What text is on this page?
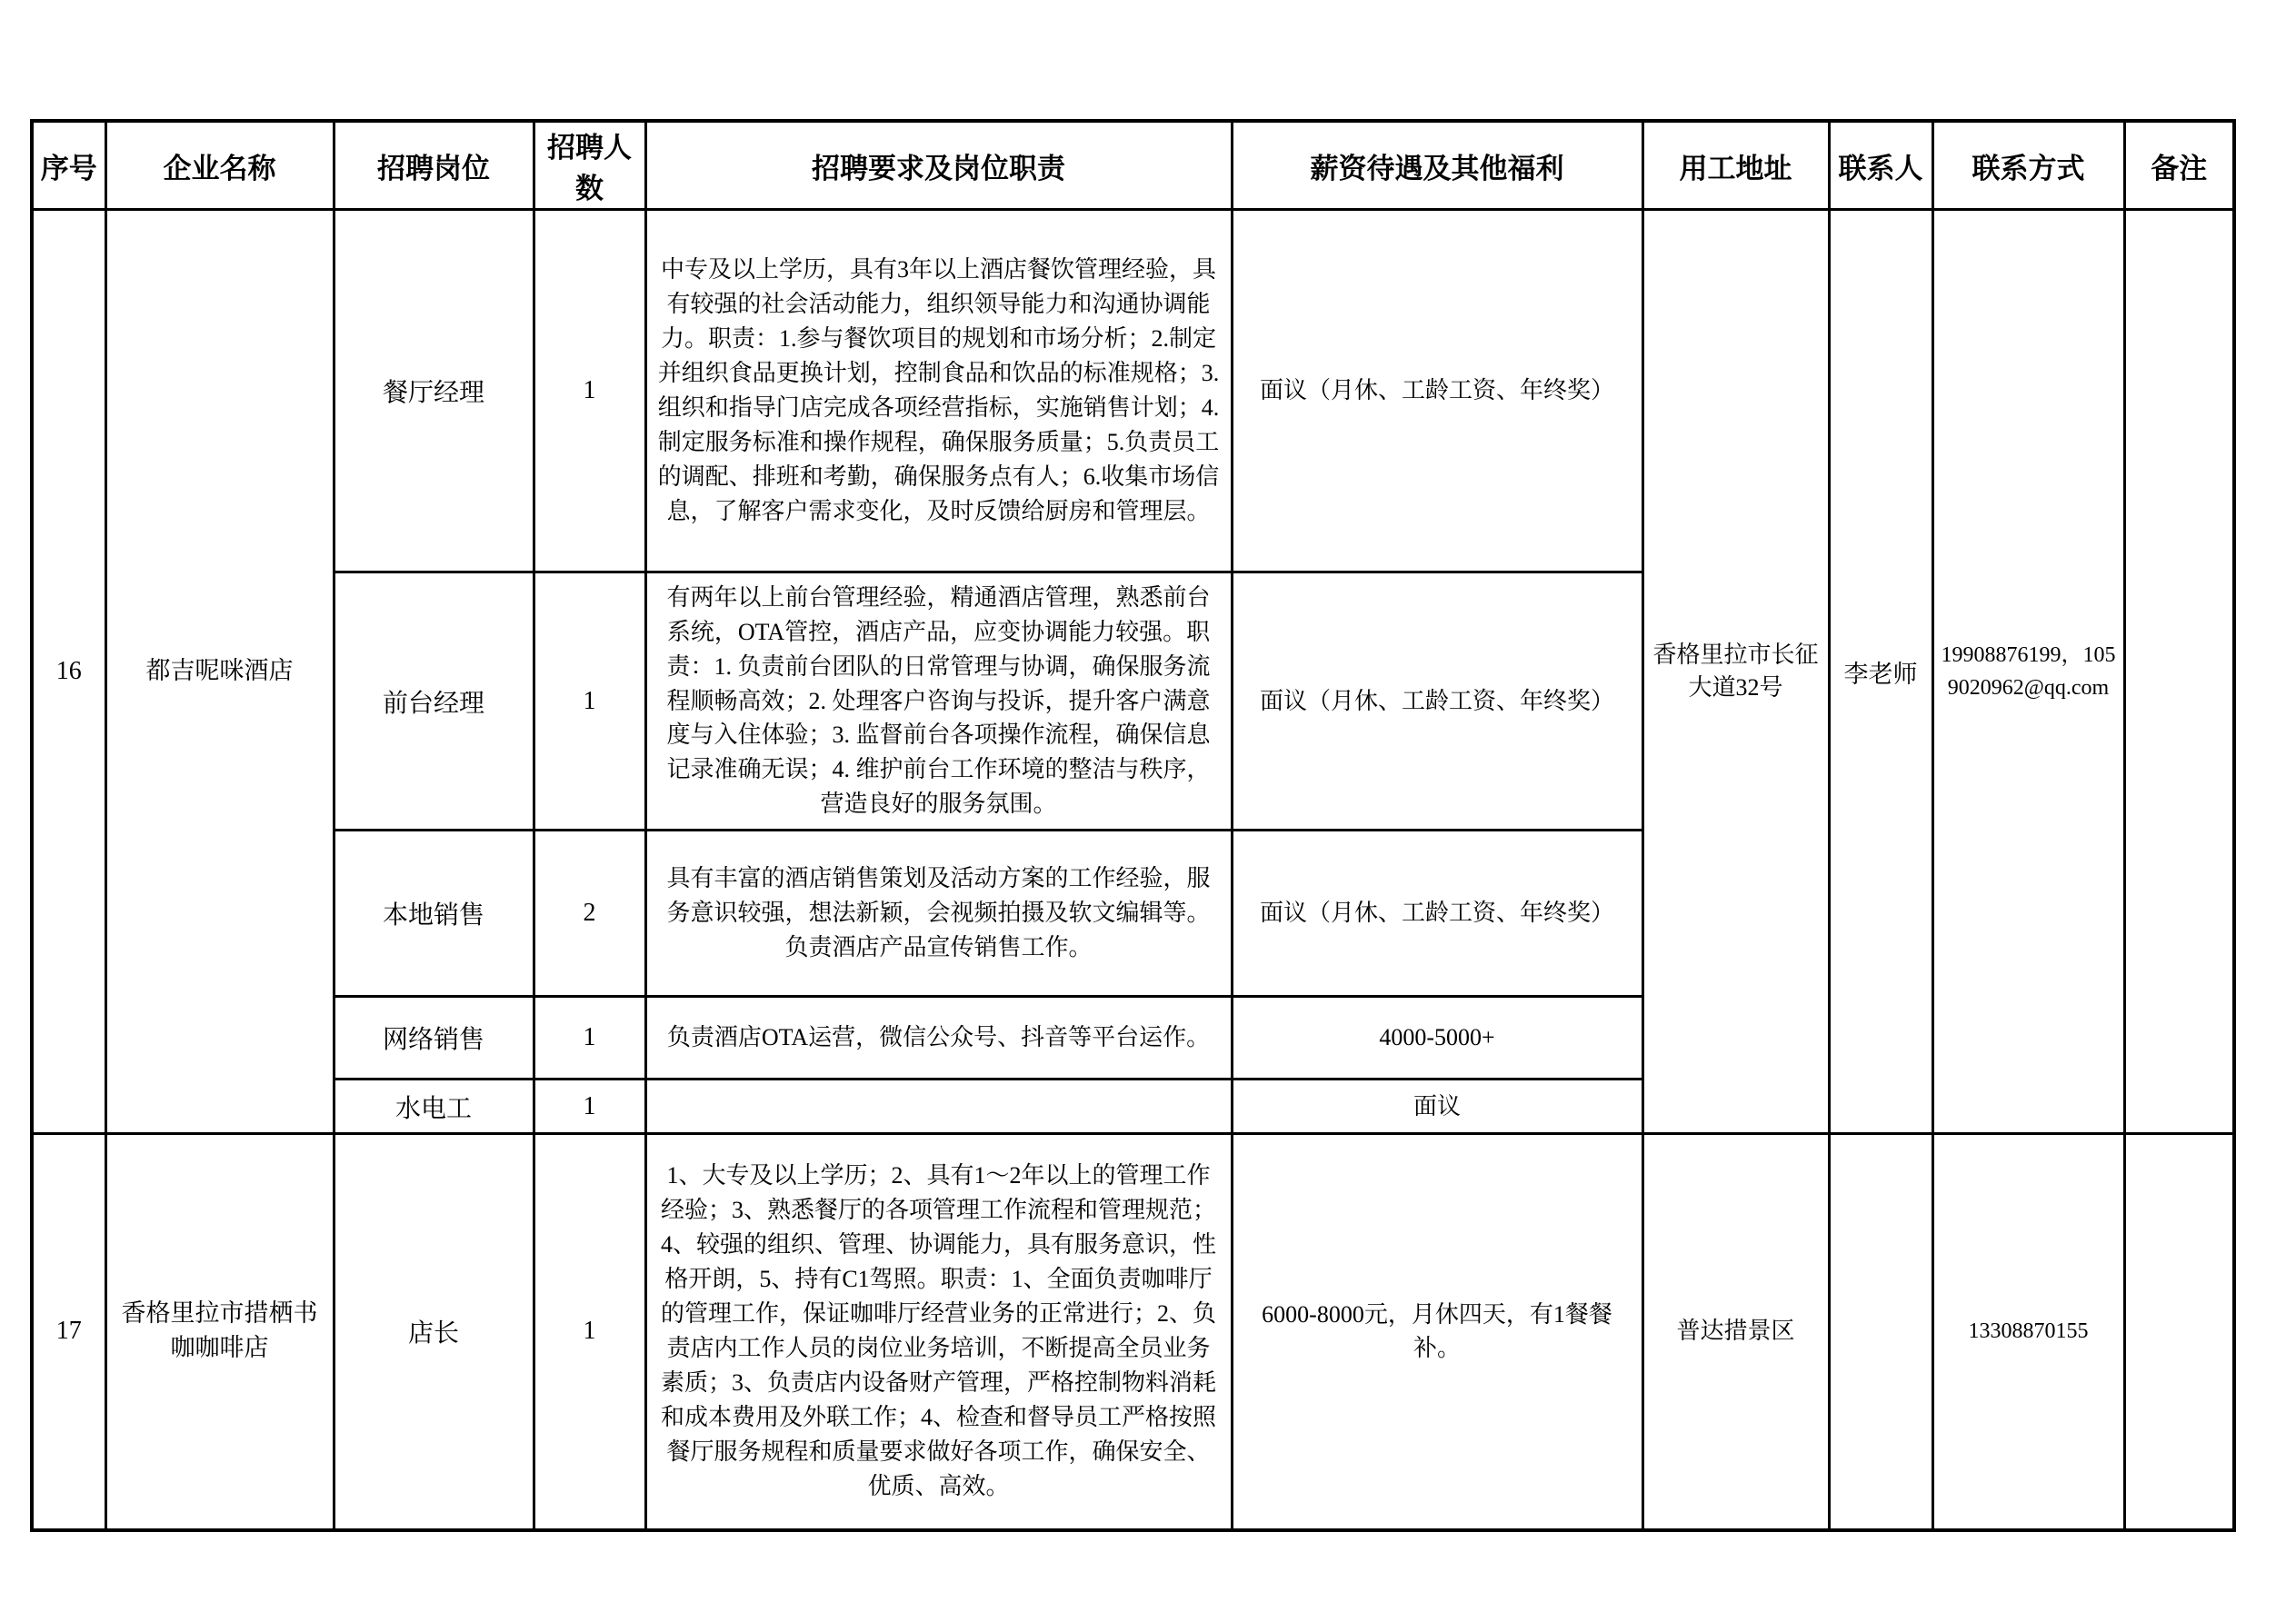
序号	企业名称	招聘岗位	招聘人数	招聘要求及岗位职责	薪资待遇及其他福利	用工地址	联系人	联系方式	备注
16	都吉呢咪酒店	餐厅经理	1	中专及以上学历，具有3年以上酒店餐饮管理经验，具有较强的社会活动能力，组织领导能力和沟通协调能力。职责：1.参与餐饮项目的规划和市场分析；2.制定并组织食品更换计划，控制食品和饮品的标准规格；3.组织和指导门店完成各项经营指标，实施销售计划；4.制定服务标准和操作规程，确保服务质量；5.负责员工的调配、排班和考勤，确保服务点有人；6.收集市场信息，了解客户需求变化，及时反馈给厨房和管理层。	面议（月休、工龄工资、年终奖）	香格里拉市长征大道32号	李老师	19908876199，1059020962@qq.com	
		前台经理	1	有两年以上前台管理经验，精通酒店管理，熟悉前台系统，OTA管控，酒店产品，应变协调能力较强。职责：1. 负责前台团队的日常管理与协调，确保服务流程顺畅高效；2. 处理客户咨询与投诉，提升客户满意度与入住体验；3. 监督前台各项操作流程，确保信息记录准确无误；4. 维护前台工作环境的整洁与秩序，营造良好的服务氛围。	面议（月休、工龄工资、年终奖）				
		本地销售	2	具有丰富的酒店销售策划及活动方案的工作经验，服务意识较强，想法新颖，会视频拍摄及软文编辑等。负责酒店产品宣传销售工作。	面议（月休、工龄工资、年终奖）				
		网络销售	1	负责酒店OTA运营，微信公众号、抖音等平台运作。	4000-5000+				
		水电工	1		面议				
17	香格里拉市措栖书咖咖啡店	店长	1	1、大专及以上学历；2、具有1～2年以上的管理工作经验；3、熟悉餐厅的各项管理工作流程和管理规范；4、较强的组织、管理、协调能力，具有服务意识，性格开朗，5、持有C1驾照。职责：1、全面负责咖啡厅的管理工作，保证咖啡厅经营业务的正常进行；2、负责店内工作人员的岗位业务培训，不断提高全员业务素质；3、负责店内设备财产管理，严格控制物料消耗和成本费用及外联工作；4、检查和督导员工严格按照餐厅服务规程和质量要求做好各项工作，确保安全、优质、高效。	6000-8000元，月休四天，有1餐餐补。	普达措景区		13308870155	
